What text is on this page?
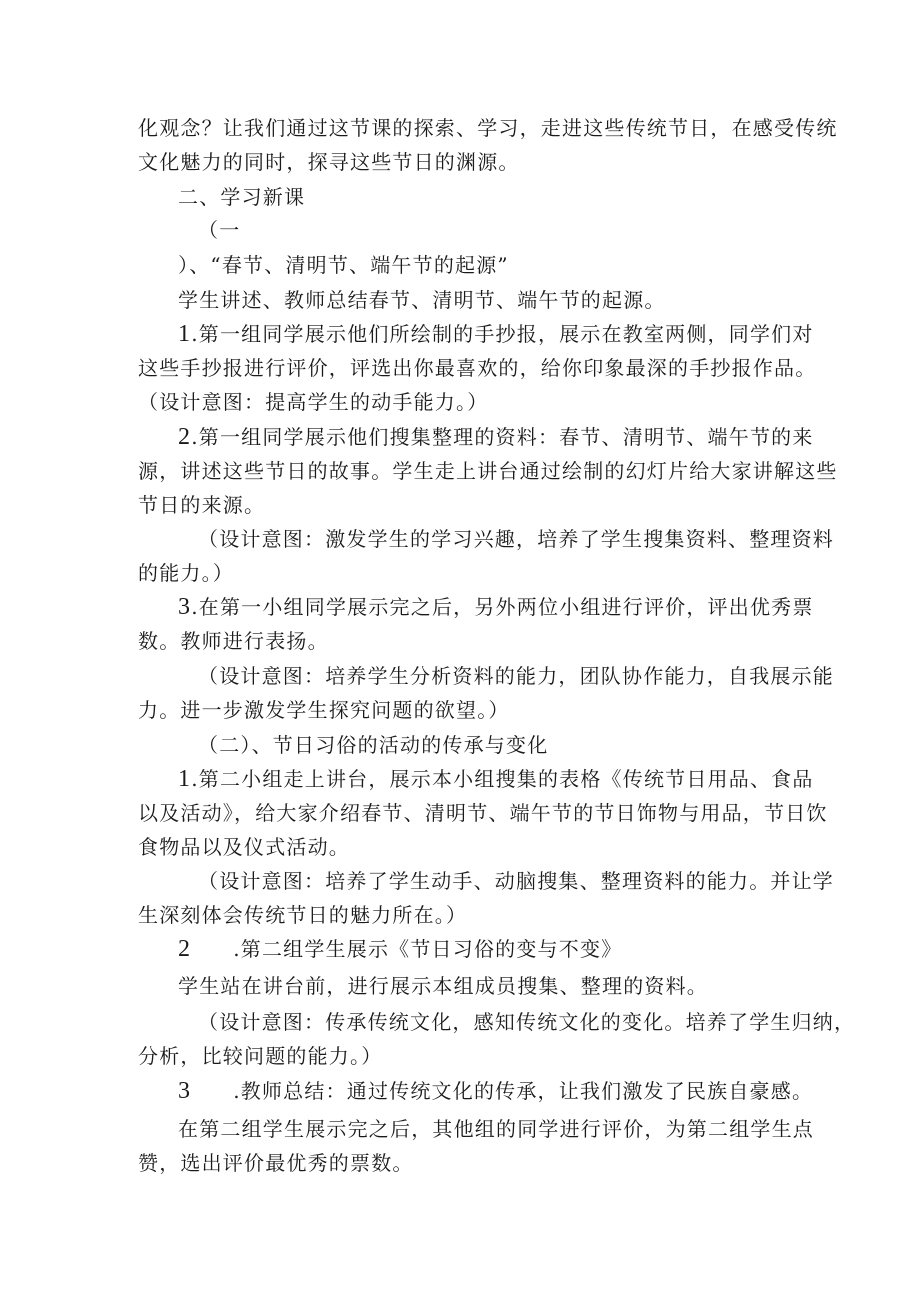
化观念？让我们通过这节课的探索、学习，走进这些传统节日，在感受传统
文化魅力的同时，探寻这些节日的渊源。
二、学习新课
（一
）、“春节、清明节、端午节的起源”
学生讲述、教师总结春节、清明节、端午节的起源。
1.第一组同学展示他们所绘制的手抄报，展示在教室两侧，同学们对
这些手抄报进行评价，评选出你最喜欢的，给你印象最深的手抄报作品。
（设计意图：提高学生的动手能力。）
2.第一组同学展示他们搜集整理的资料：春节、清明节、端午节的来
源，讲述这些节日的故事。学生走上讲台通过绘制的幻灯片给大家讲解这些
节日的来源。
（设计意图：激发学生的学习兴趣，培养了学生搜集资料、整理资料
的能力。）
3.在第一小组同学展示完之后，另外两位小组进行评价，评出优秀票
数。教师进行表扬。
（设计意图：培养学生分析资料的能力，团队协作能力，自我展示能
力。进一步激发学生探究问题的欲望。）
（二）、节日习俗的活动的传承与变化
1.第二小组走上讲台，展示本小组搜集的表格《传统节日用品、食品
以及活动》，给大家介绍春节、清明节、端午节的节日饰物与用品，节日饮
食物品以及仪式活动。
（设计意图：培养了学生动手、动脑搜集、整理资料的能力。并让学
生深刻体会传统节日的魅力所在。）
2 .第二组学生展示《节日习俗的变与不变》
学生站在讲台前，进行展示本组成员搜集、整理的资料。
（设计意图：传承传统文化，感知传统文化的变化。培养了学生归纳，
分析，比较问题的能力。）
3 .教师总结：通过传统文化的传承，让我们激发了民族自豪感。
在第二组学生展示完之后，其他组的同学进行评价，为第二组学生点
赞，选出评价最优秀的票数。
